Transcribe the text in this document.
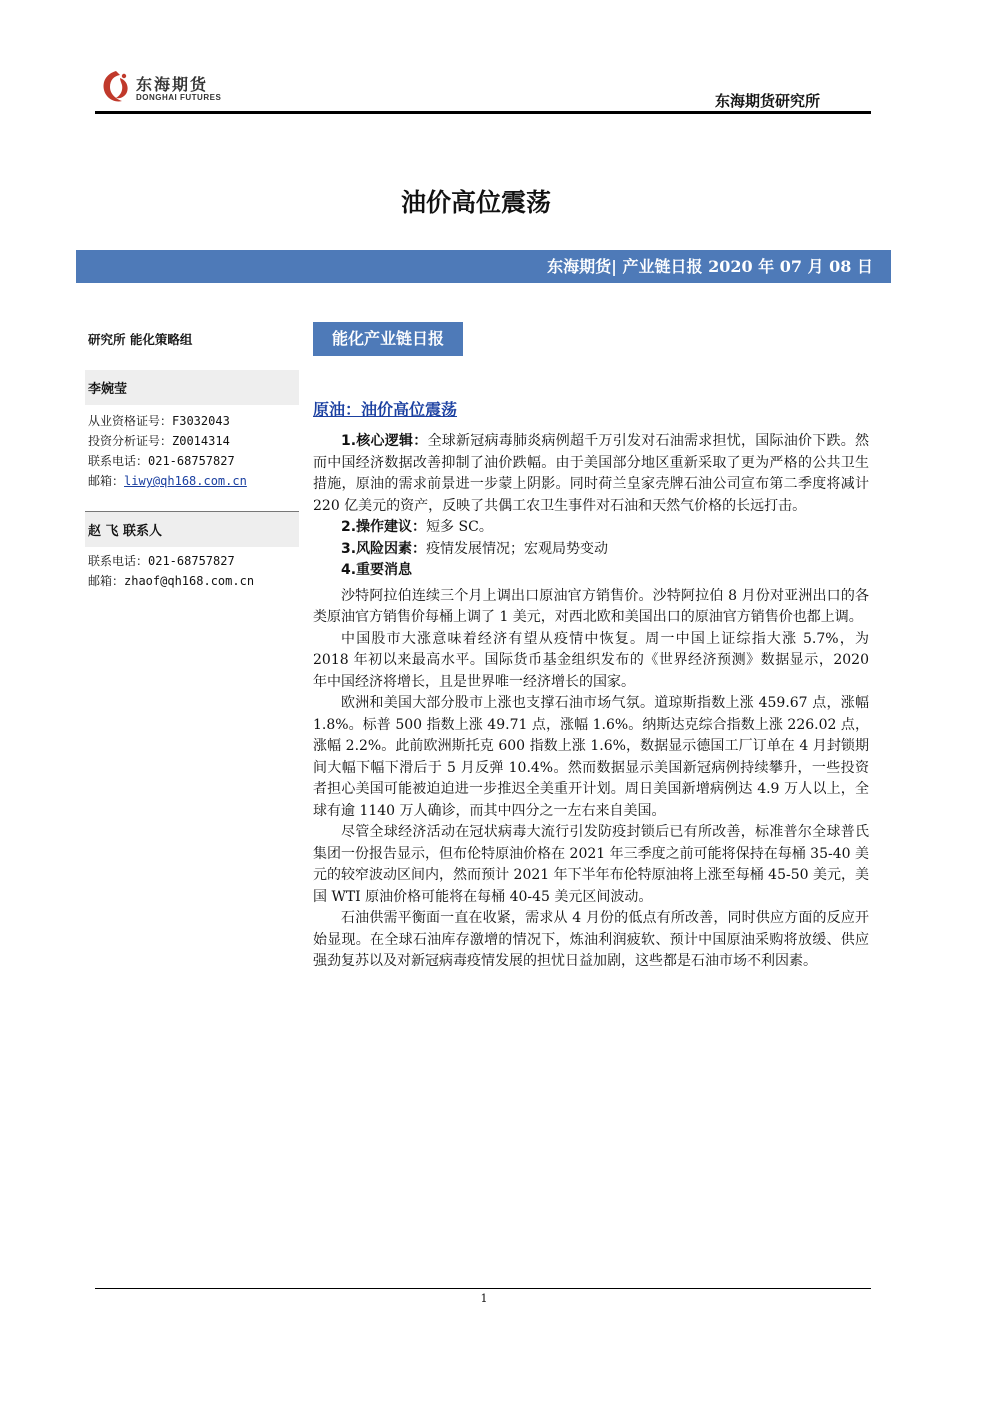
东海期货
DONGHAI FUTURES	东海期货研究所
油价高位震荡
东海期货| 产业链日报 2020 年 07 月 08 日
研究所 能化策略组
李婉莹
从业资格证号：F3032043
投资分析证号：Z0014314
联系电话：021-68757827
邮箱：liwy@qh168.com.cn
赵 飞 联系人
联系电话：021-68757827
邮箱：zhaof@qh168.com.cn
能化产业链日报
原油：油价高位震荡

1.核心逻辑：全球新冠病毒肺炎病例超千万引发对石油需求担忧，国际油价下跌。然而中国经济数据改善抑制了油价跌幅。由于美国部分地区重新采取了更为严格的公共卫生措施，原油的需求前景进一步蒙上阴影。同时荷兰皇家壳牌石油公司宣布第二季度将减计 220 亿美元的资产，反映了共偶工农卫生事件对石油和天然气价格的长远打击。

2.操作建议：短多 SC。

3.风险因素：疫情发展情况；宏观局势变动

4.重要消息

沙特阿拉伯连续三个月上调出口原油官方销售价。沙特阿拉伯 8 月份对亚洲出口的各类原油官方销售价每桶上调了 1 美元，对西北欧和美国出口的原油官方销售价也都上调。

中国股市大涨意味着经济有望从疫情中恢复。周一中国上证综指大涨 5.7%，为 2018 年初以来最高水平。国际货币基金组织发布的《世界经济预测》数据显示，2020 年中国经济将增长，且是世界唯一经济增长的国家。

欧洲和美国大部分股市上涨也支撑石油市场气氛。道琼斯指数上涨 459.67 点，涨幅 1.8%。标普 500 指数上涨 49.71 点，涨幅 1.6%。纳斯达克综合指数上涨 226.02 点，涨幅 2.2%。此前欧洲斯托克 600 指数上涨 1.6%，数据显示德国工厂订单在 4 月封锁期间大幅下幅下滑后于 5 月反弹 10.4%。然而数据显示美国新冠病例持续攀升，一些投资者担心美国可能被迫迫进一步推迟全美重开计划。周日美国新增病例达 4.9 万人以上，全球有逾 1140 万人确诊，而其中四分之一左右来自美国。

尽管全球经济活动在冠状病毒大流行引发防疫封锁后已有所改善，标准普尔全球普氏集团一份报告显示，但布伦特原油价格在 2021 年三季度之前可能将保持在每桶 35-40 美元的较窄波动区间内，然而预计 2021 年下半年布伦特原油将上涨至每桶 45-50 美元，美国 WTI 原油价格可能将在每桶 40-45 美元区间波动。

石油供需平衡面一直在收紧，需求从 4 月份的低点有所改善，同时供应方面的反应开始显现。在全球石油库存激增的情况下，炼油利润疲软、预计中国原油采购将放缓、供应强劲复苏以及对新冠病毒疫情发展的担忧日益加剧，这些都是石油市场不利因素。

1
